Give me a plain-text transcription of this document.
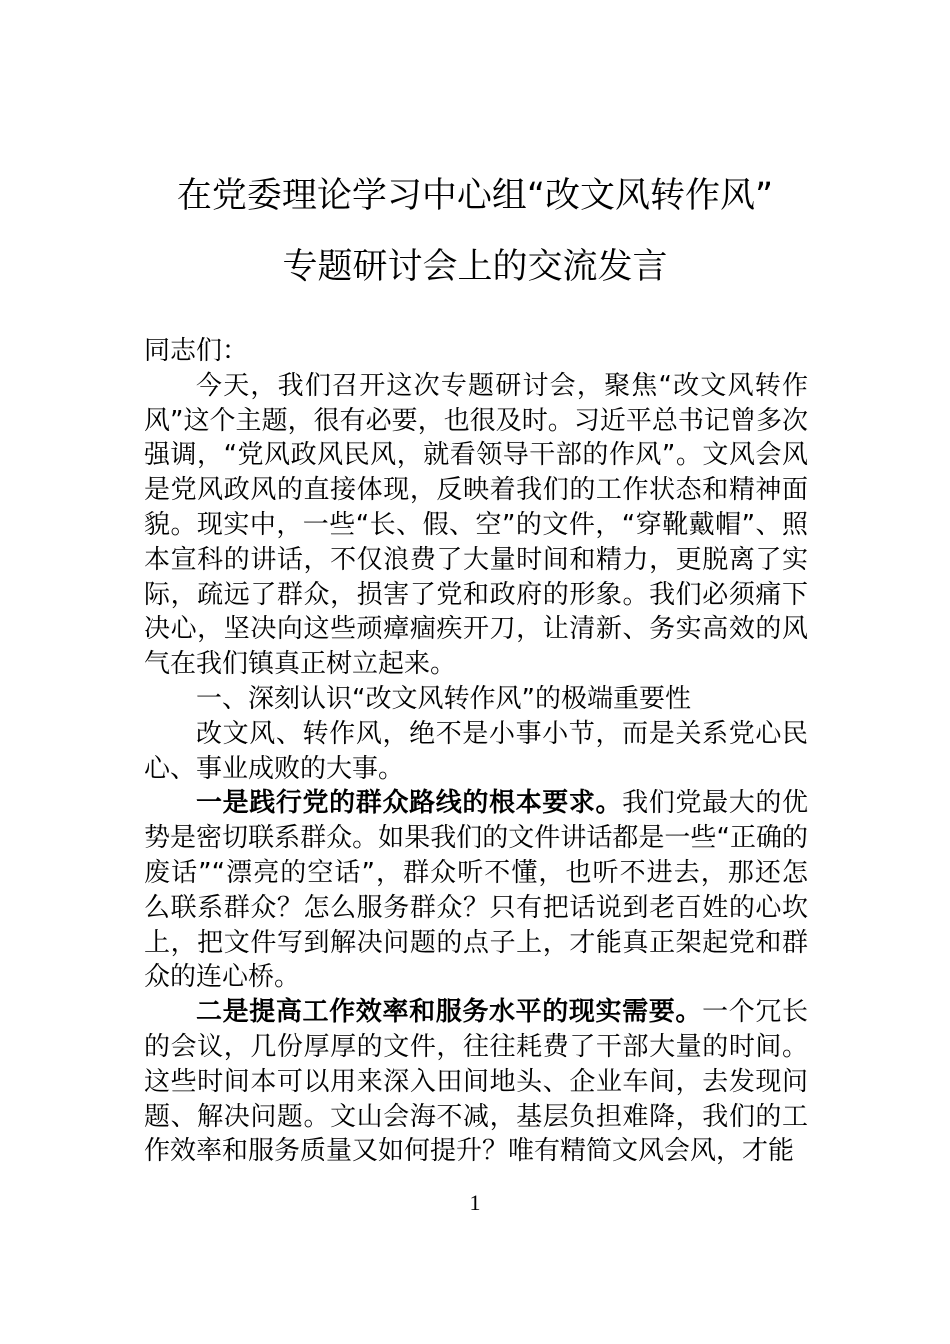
在党委理论学习中心组“改文风转作风”
专题研讨会上的交流发言

同志们：

今天，我们召开这次专题研讨会，聚焦“改文风转作风”这个主题，很有必要，也很及时。习近平总书记曾多次强调，“党风政风民风，就看领导干部的作风”。文风会风是党风政风的直接体现，反映着我们的工作状态和精神面貌。现实中，一些“长、假、空”的文件，“穿靴戴帽”、照本宣科的讲话，不仅浪费了大量时间和精力，更脱离了实际，疏远了群众，损害了党和政府的形象。我们必须痛下决心，坚决向这些顽瘴痼疾开刀，让清新、务实高效的风气在我们镇真正树立起来。

一、深刻认识“改文风转作风”的极端重要性

改文风、转作风，绝不是小事小节，而是关系党心民心、事业成败的大事。

一是践行党的群众路线的根本要求。我们党最大的优势是密切联系群众。如果我们的文件讲话都是一些“正确的废话”“漂亮的空话”，群众听不懂，也听不进去，那还怎么联系群众？怎么服务群众？只有把话说到老百姓的心坎上，把文件写到解决问题的点子上，才能真正架起党和群众的连心桥。

二是提高工作效率和服务水平的现实需要。一个冗长的会议，几份厚厚的文件，往往耗费了干部大量的时间。这些时间本可以用来深入田间地头、企业车间，去发现问题、解决问题。文山会海不减，基层负担难降，我们的工作效率和服务质量又如何提升？唯有精简文风会风，才能

1
